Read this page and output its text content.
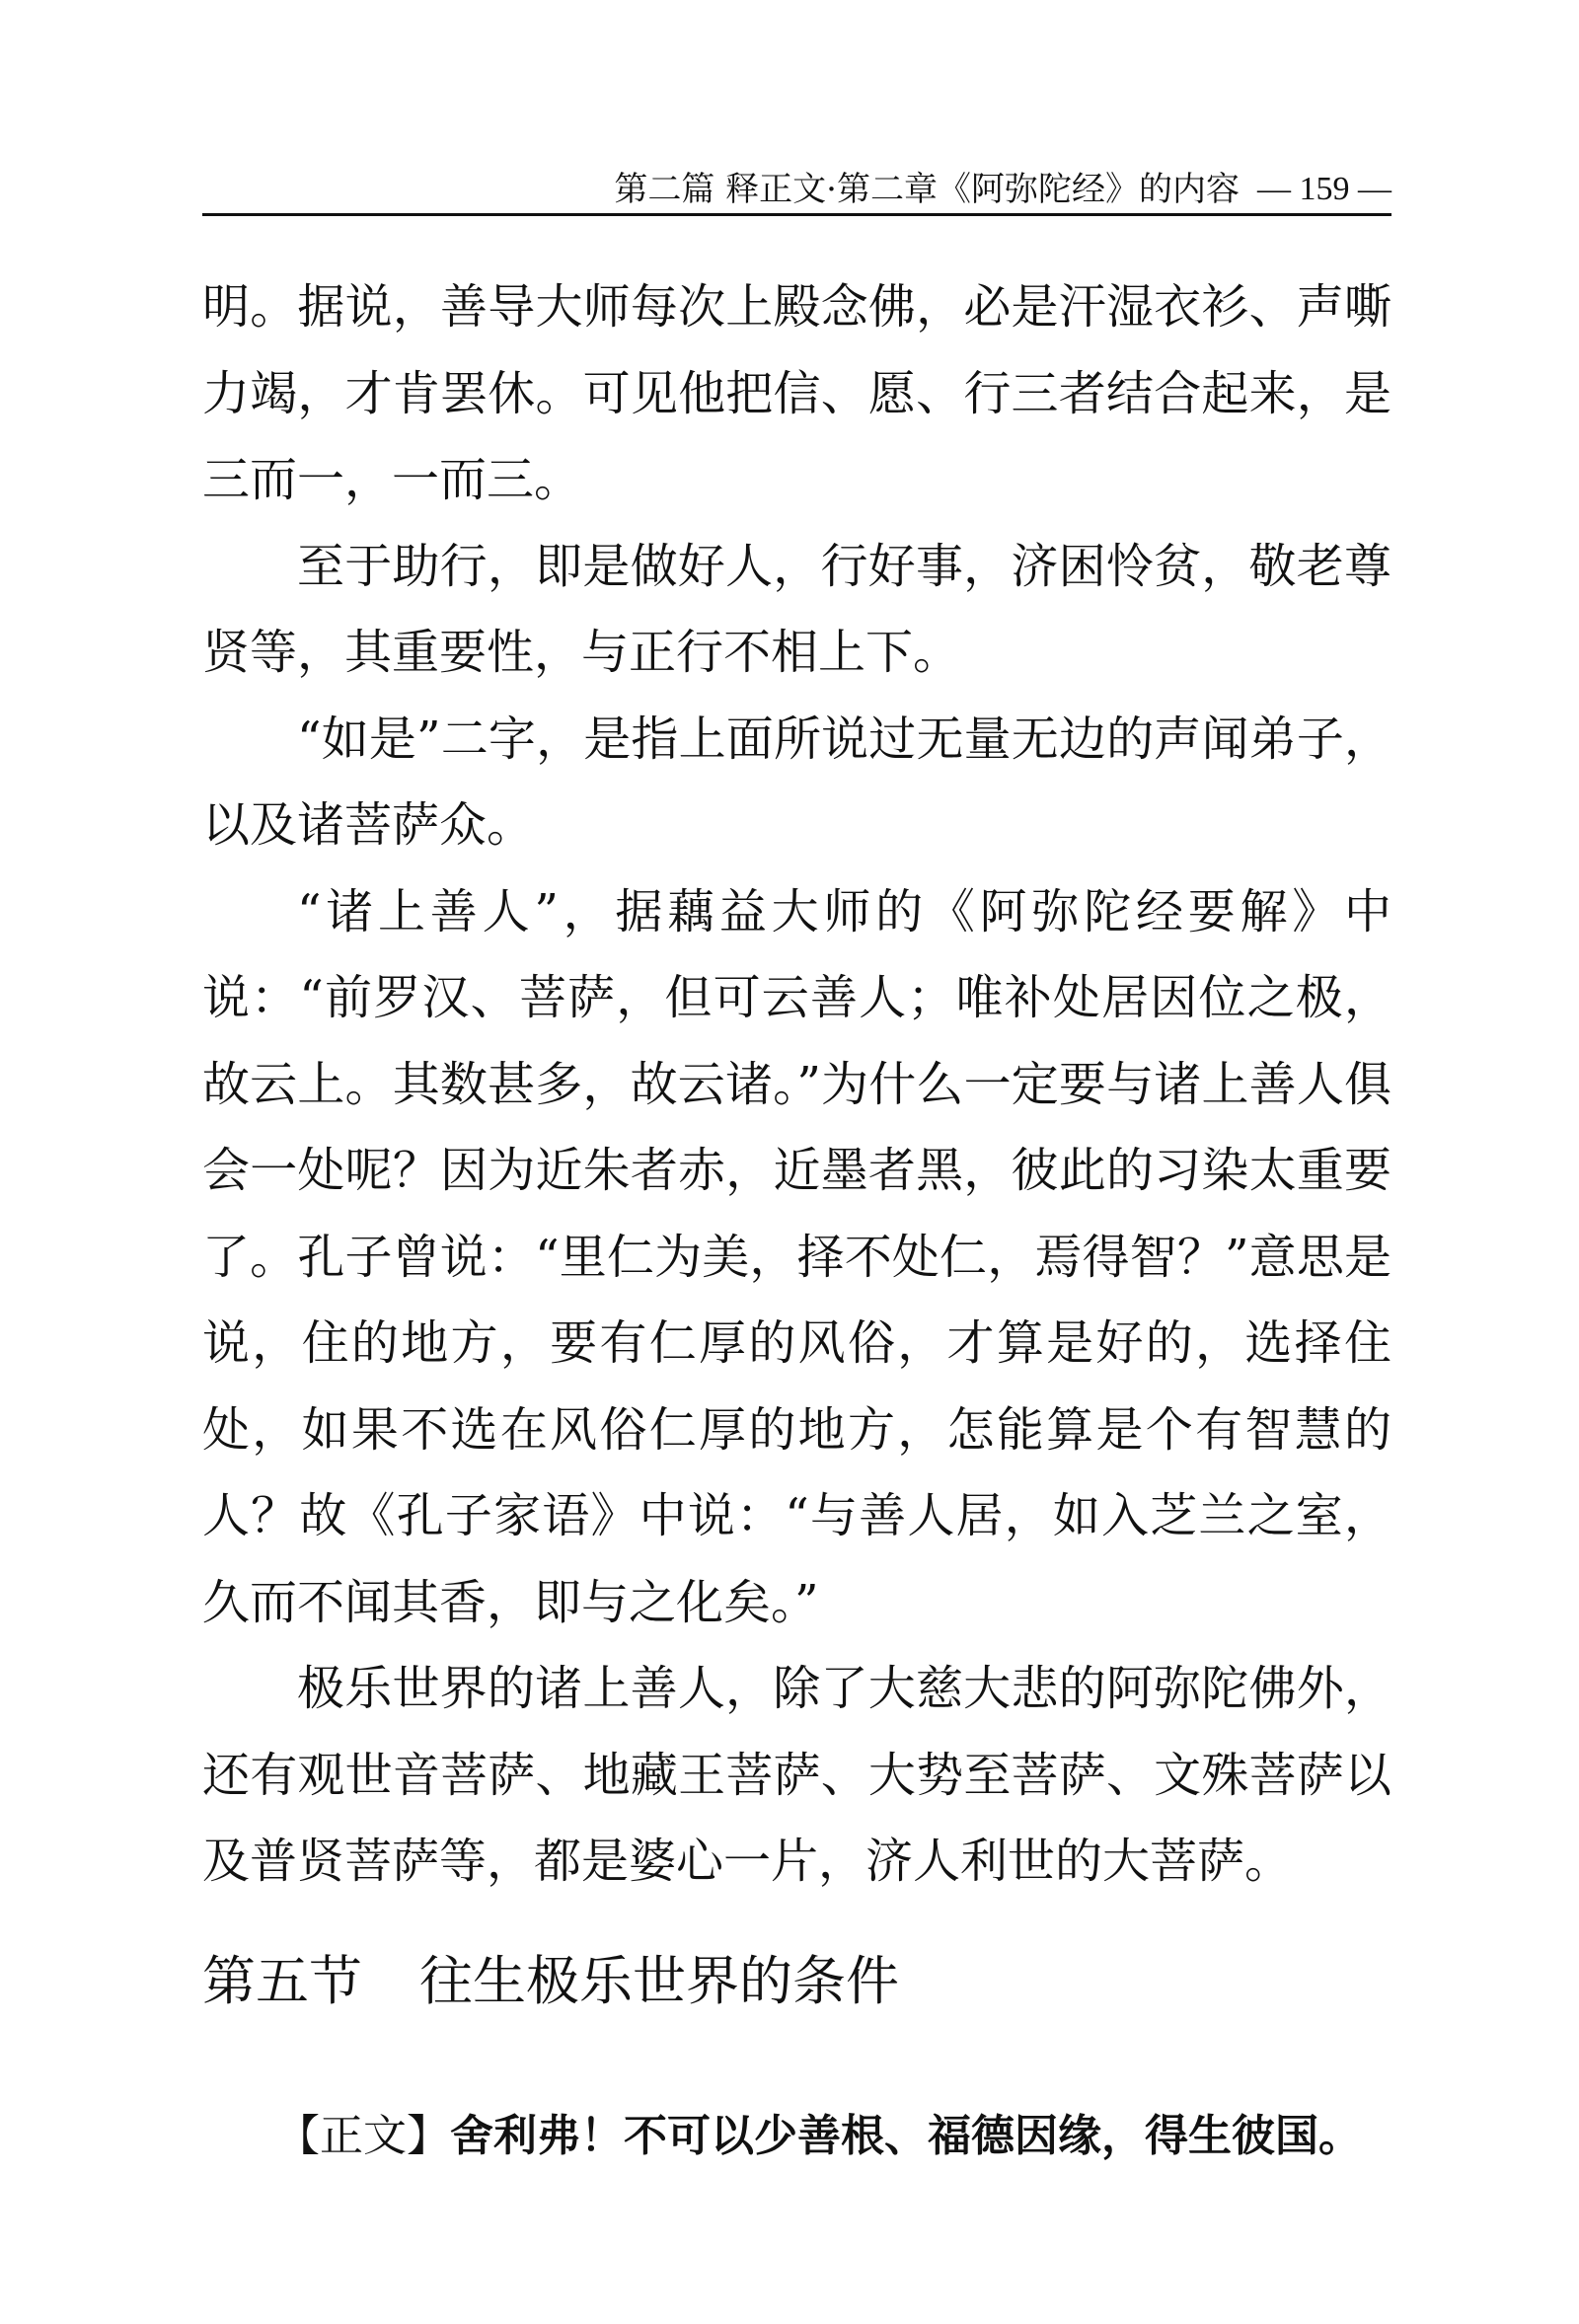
第二篇 释正文·第二章《阿弥陀经》的内容 — 159 —

明。据说，善导大师每次上殿念佛，必是汗湿衣衫、声嘶力竭，才肯罢休。可见他把信、愿、行三者结合起来，是三而一，一而三。

至于助行，即是做好人，行好事，济困怜贫，敬老尊贤等，其重要性，与正行不相上下。

“如是”二字，是指上面所说过无量无边的声闻弟子，以及诸菩萨众。

“诸上善人”，据藕益大师的《阿弥陀经要解》中说：“前罗汉、菩萨，但可云善人；唯补处居因位之极，故云上。其数甚多，故云诸。”为什么一定要与诸上善人俱会一处呢？因为近朱者赤，近墨者黑，彼此的习染太重要了。孔子曾说：“里仁为美，择不处仁，焉得智？”意思是说，住的地方，要有仁厚的风俗，才算是好的，选择住处，如果不选在风俗仁厚的地方，怎能算是个有智慧的人？故《孔子家语》中说：“与善人居，如入芝兰之室，久而不闻其香，即与之化矣。”

极乐世界的诸上善人，除了大慈大悲的阿弥陀佛外，还有观世音菩萨、地藏王菩萨、大势至菩萨、文殊菩萨以及普贤菩萨等，都是婆心一片，济人利世的大菩萨。

第五节 往生极乐世界的条件
【正文】舍利弗！不可以少善根、福德因缘，得生彼国。
